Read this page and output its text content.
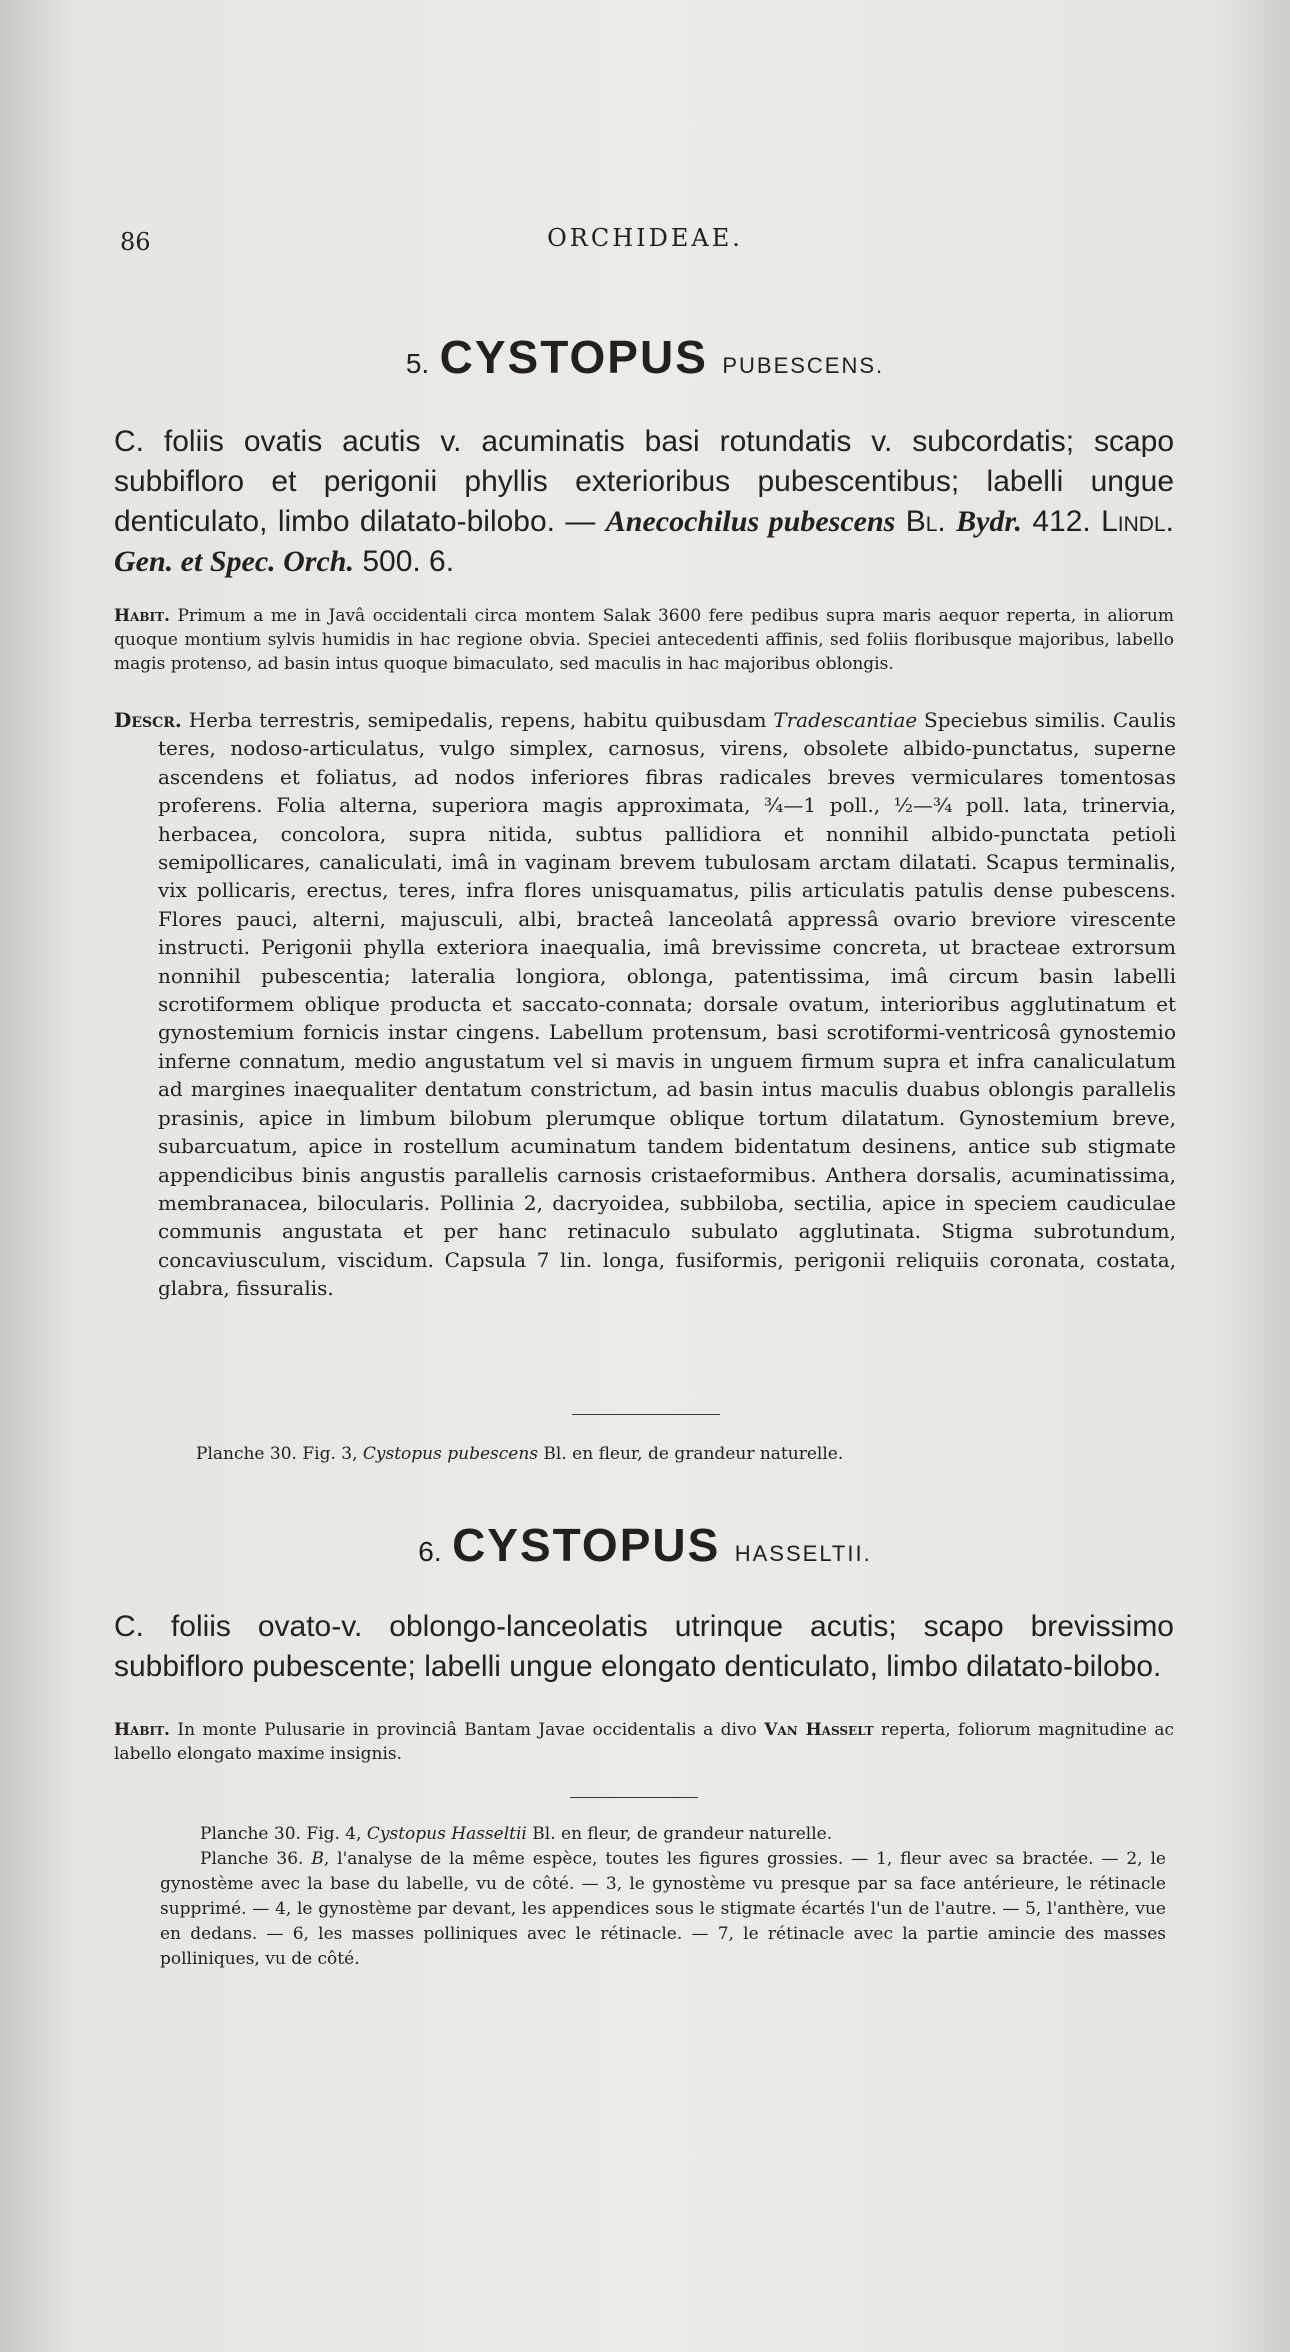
86	ORCHIDEAE.
5. CYSTOPUS PUBESCENS.
C. foliis ovatis acutis v. acuminatis basi rotundatis v. subcordatis; scapo subbifloro et perigonii phyllis exterioribus pubescentibus; labelli ungue denticulato, limbo dilatato-bilobo. — Anecochilus pubescens Bl. Bydr. 412. Lindl. Gen. et Spec. Orch. 500. 6.
Habit. Primum a me in Javâ occidentali circa montem Salak 3600 fere pedibus supra maris aequor reperta, in aliorum quoque montium sylvis humidis in hac regione obvia. Speciei antecedenti affinis, sed foliis floribusque majoribus, labello magis protenso, ad basin intus quoque bimaculato, sed maculis in hac majoribus oblongis.

Descr. Herba terrestris, semipedalis, repens, habitu quibusdam Tradescantiae Speciebus similis. Caulis teres, nodoso-articulatus, vulgo simplex, carnosus, virens, obsolete albido-punctatus, superne ascendens et foliatus, ad nodos inferiores fibras radicales breves vermiculares tomentosas proferens. Folia alterna, superiora magis approximata, ¾—1 poll., ½—¾ poll. lata, trinervia, herbacea, concolora, supra nitida, subtus pallidiora et nonnihil albido-punctata petioli semipollicares, canaliculati, imâ in vaginam brevem tubulosam arctam dilatati. Scapus terminalis, vix pollicaris, erectus, teres, infra flores unisquamatus, pilis articulatis patulis dense pubescens. Flores pauci, alterni, majusculi, albi, bracteâ lanceolatâ appressâ ovario breviore virescente instructi. Perigonii phylla exteriora inaequalia, imâ brevissime concreta, ut bracteae extrorsum nonnihil pubescentia; lateralia longiora, oblonga, patentissima, imâ circum basin labelli scrotiformem oblique producta et saccato-connata; dorsale ovatum, interioribus agglutinatum et gynostemium fornicis instar cingens. Labellum protensum, basi scrotiformi-ventricosâ gynostemio inferne connatum, medio angustatum vel si mavis in unguem firmum supra et infra canaliculatum ad margines inaequaliter dentatum constrictum, ad basin intus maculis duabus oblongis parallelis prasinis, apice in limbum bilobum plerumque oblique tortum dilatatum. Gynostemium breve, subarcuatum, apice in rostellum acuminatum tandem bidentatum desinens, antice sub stigmate appendicibus binis angustis parallelis carnosis cristaeformibus. Anthera dorsalis, acuminatissima, membranacea, bilocularis. Pollinia 2, dacryoidea, subbiloba, sectilia, apice in speciem caudiculae communis angustata et per hanc retinaculo subulato agglutinata. Stigma subrotundum, concaviusculum, viscidum. Capsula 7 lin. longa, fusiformis, perigonii reliquiis coronata, costata, glabra, fissuralis.

Planche 30. Fig. 3, Cystopus pubescens Bl. en fleur, de grandeur naturelle.
6. CYSTOPUS HASSELTII.
C. foliis ovato-v. oblongo-lanceolatis utrinque acutis; scapo brevissimo subbifloro pubescente; labelli ungue elongato denticulato, limbo dilatato-bilobo.
Habit. In monte Pulusarie in provinciâ Bantam Javae occidentalis a divo Van Hasselt reperta, foliorum magnitudine ac labello elongato maxime insignis.

Planche 30. Fig. 4, Cystopus Hasseltii Bl. en fleur, de grandeur naturelle.

Planche 36. B, l'analyse de la même espèce, toutes les figures grossies. — 1, fleur avec sa bractée. — 2, le gynostème avec la base du labelle, vu de côté. — 3, le gynostème vu presque par sa face antérieure, le rétinacle supprimé. — 4, le gynostème par devant, les appendices sous le stigmate écartés l'un de l'autre. — 5, l'anthère, vue en dedans. — 6, les masses polliniques avec le rétinacle. — 7, le rétinacle avec la partie amincie des masses polliniques, vu de côté.
